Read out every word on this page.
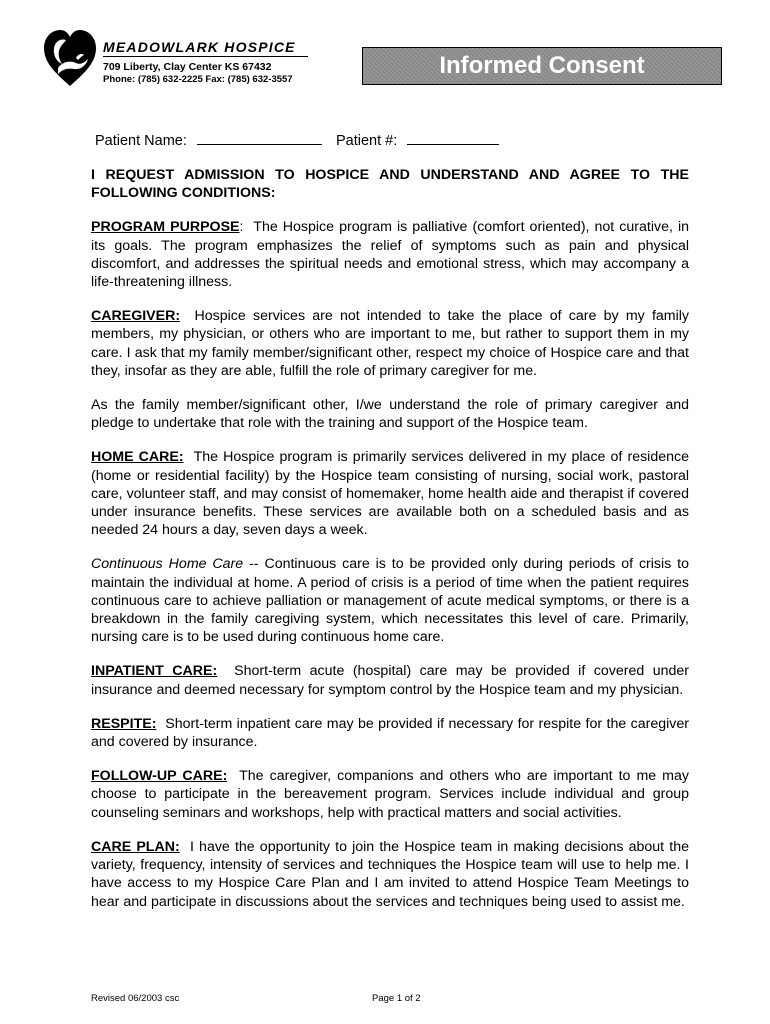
MEADOWLARK HOSPICE
709 Liberty, Clay Center KS 67432
Phone: (785) 632-2225 Fax: (785) 632-3557
Informed Consent
Patient Name:	Patient #:

I REQUEST ADMISSION TO HOSPICE AND UNDERSTAND AND AGREE TO THE FOLLOWING CONDITIONS:

PROGRAM PURPOSE:  The Hospice program is palliative (comfort oriented), not curative, in its goals. The program emphasizes the relief of symptoms such as pain and physical discomfort, and addresses the spiritual needs and emotional stress, which may accompany a life-threatening illness.

CAREGIVER: Hospice services are not intended to take the place of care by my family members, my physician, or others who are important to me, but rather to support them in my care. I ask that my family member/significant other, respect my choice of Hospice care and that they, insofar as they are able, fulfill the role of primary caregiver for me.

As the family member/significant other, I/we understand the role of primary caregiver and pledge to undertake that role with the training and support of the Hospice team.

HOME CARE: The Hospice program is primarily services delivered in my place of residence (home or residential facility) by the Hospice team consisting of nursing, social work, pastoral care, volunteer staff, and may consist of homemaker, home health aide and therapist if covered under insurance benefits. These services are available both on a scheduled basis and as needed 24 hours a day, seven days a week.

Continuous Home Care -- Continuous care is to be provided only during periods of crisis to maintain the individual at home. A period of crisis is a period of time when the patient requires continuous care to achieve palliation or management of acute medical symptoms, or there is a breakdown in the family caregiving system, which necessitates this level of care. Primarily, nursing care is to be used during continuous home care.

INPATIENT CARE: Short-term acute (hospital) care may be provided if covered under insurance and deemed necessary for symptom control by the Hospice team and my physician.

RESPITE: Short-term inpatient care may be provided if necessary for respite for the caregiver and covered by insurance.

FOLLOW-UP CARE: The caregiver, companions and others who are important to me may choose to participate in the bereavement program. Services include individual and group counseling seminars and workshops, help with practical matters and social activities.

CARE PLAN: I have the opportunity to join the Hospice team in making decisions about the variety, frequency, intensity of services and techniques the Hospice team will use to help me. I have access to my Hospice Care Plan and I am invited to attend Hospice Team Meetings to hear and participate in discussions about the services and techniques being used to assist me.

Revised 06/2003 csc	Page 1 of 2
